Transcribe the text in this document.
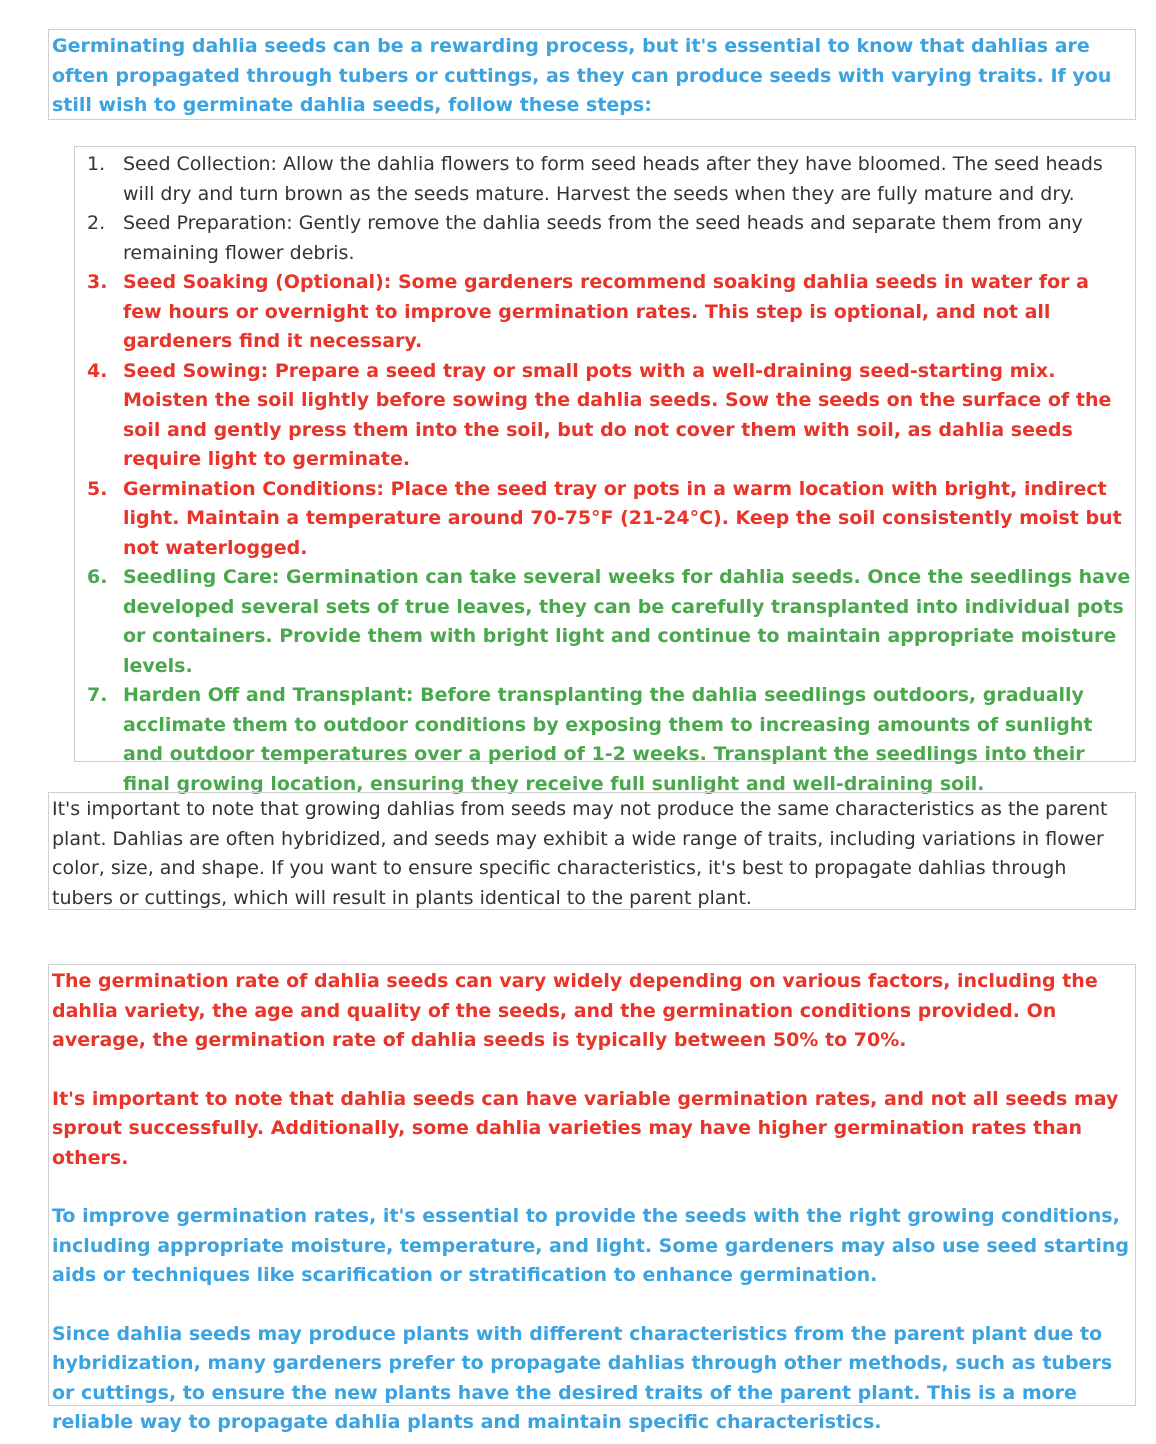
Germinating dahlia seeds can be a rewarding process, but it's essential to know that dahlias are often propagated through tubers or cuttings, as they can produce seeds with varying traits. If you still wish to germinate dahlia seeds, follow these steps:

1. Seed Collection: Allow the dahlia flowers to form seed heads after they have bloomed. The seed heads will dry and turn brown as the seeds mature. Harvest the seeds when they are fully mature and dry.
2. Seed Preparation: Gently remove the dahlia seeds from the seed heads and separate them from any remaining flower debris.
3. Seed Soaking (Optional): Some gardeners recommend soaking dahlia seeds in water for a few hours or overnight to improve germination rates. This step is optional, and not all gardeners find it necessary.
4. Seed Sowing: Prepare a seed tray or small pots with a well-draining seed-starting mix. Moisten the soil lightly before sowing the dahlia seeds. Sow the seeds on the surface of the soil and gently press them into the soil, but do not cover them with soil, as dahlia seeds require light to germinate.
5. Germination Conditions: Place the seed tray or pots in a warm location with bright, indirect light. Maintain a temperature around 70-75°F (21-24°C). Keep the soil consistently moist but not waterlogged.
6. Seedling Care: Germination can take several weeks for dahlia seeds. Once the seedlings have developed several sets of true leaves, they can be carefully transplanted into individual pots or containers. Provide them with bright light and continue to maintain appropriate moisture levels.
7. Harden Off and Transplant: Before transplanting the dahlia seedlings outdoors, gradually acclimate them to outdoor conditions by exposing them to increasing amounts of sunlight and outdoor temperatures over a period of 1-2 weeks. Transplant the seedlings into their final growing location, ensuring they receive full sunlight and well-draining soil.

It's important to note that growing dahlias from seeds may not produce the same characteristics as the parent plant. Dahlias are often hybridized, and seeds may exhibit a wide range of traits, including variations in flower color, size, and shape. If you want to ensure specific characteristics, it's best to propagate dahlias through tubers or cuttings, which will result in plants identical to the parent plant.

The germination rate of dahlia seeds can vary widely depending on various factors, including the dahlia variety, the age and quality of the seeds, and the germination conditions provided. On average, the germination rate of dahlia seeds is typically between 50% to 70%.

It's important to note that dahlia seeds can have variable germination rates, and not all seeds may sprout successfully. Additionally, some dahlia varieties may have higher germination rates than others.

To improve germination rates, it's essential to provide the seeds with the right growing conditions, including appropriate moisture, temperature, and light. Some gardeners may also use seed starting aids or techniques like scarification or stratification to enhance germination.

Since dahlia seeds may produce plants with different characteristics from the parent plant due to hybridization, many gardeners prefer to propagate dahlias through other methods, such as tubers or cuttings, to ensure the new plants have the desired traits of the parent plant. This is a more reliable way to propagate dahlia plants and maintain specific characteristics.
